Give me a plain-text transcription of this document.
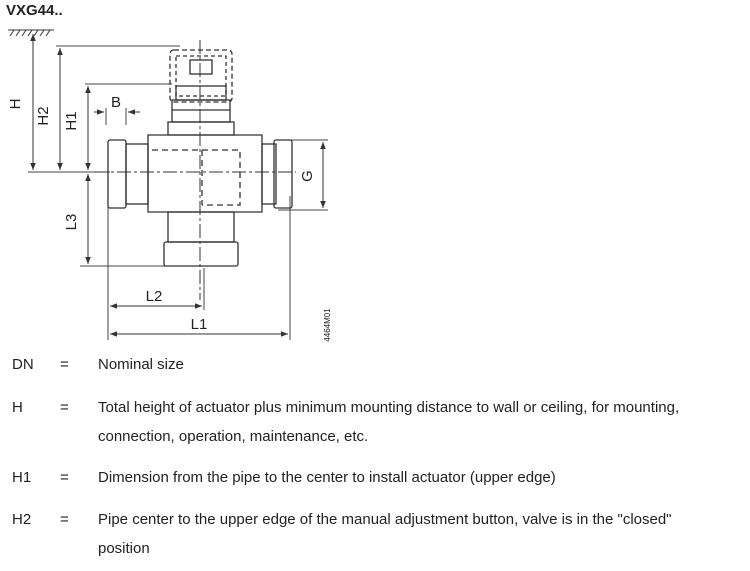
VXG44..
H
H2 H1
L3
G
B
L2
L1	4464M01
DN = Nominal size
H = Total height of actuator plus minimum mounting distance to wall or ceiling, for mounting, connection, operation, maintenance, etc.
H1 = Dimension from the pipe to the center to install actuator (upper edge)
H2 = Pipe center to the upper edge of the manual adjustment button, valve is in the "closed" position
